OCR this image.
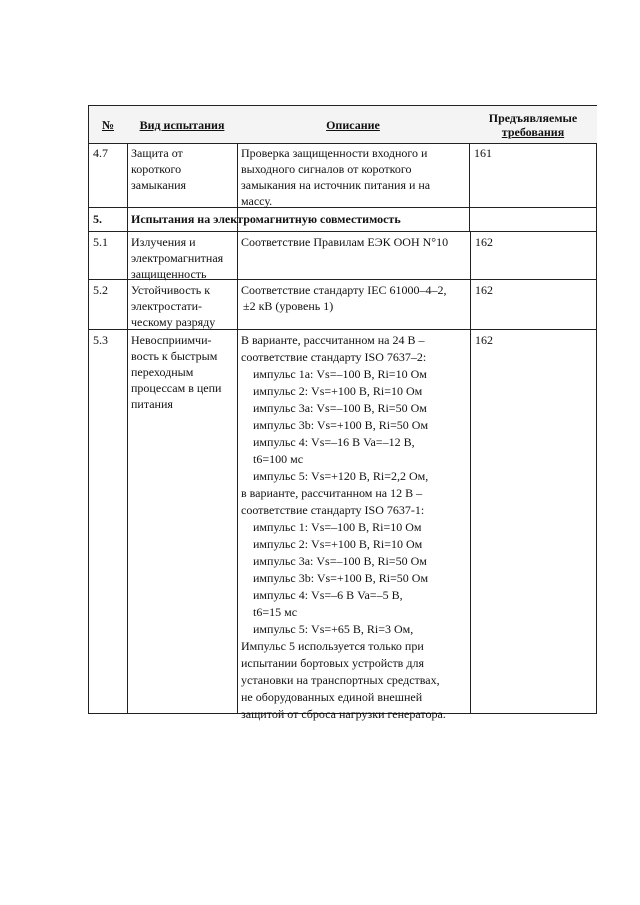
№ Вид испытания	Описание	Предъявляемые
требования
4.7 Защита от
короткого
замыкания
Проверка защищенности входного и
выходного сигналов от короткого
замыкания на источник питания и на
массу.
161
5. Испытания на электромагнитную совместимость
5.1 Излучения и
электромагнитная
защищенность
Соответствие Правилам ЕЭК ООН N°10 162
5.2 Устойчивость к
электростати-
ческому разряду
Соответствие стандарту IEC 61000–4–2,
±2 кВ (уровень 1)
162
5.3 Невосприимчи-
вость к быстрым
переходным
процессам в цепи
питания
В варианте, рассчитанном на 24 В –
соответствие стандарту ISO 7637–2:
импульс 1а: Vs=–100 В, Ri=10 Ом
импульс 2: Vs=+100 В, Ri=10 Ом
импульс 3а: Vs=–100 В, Ri=50 Ом
импульс 3b: Vs=+100 В, Ri=50 Ом
импульс 4: Vs=–16 В Va=–12 В,
t6=100 мс
импульс 5: Vs=+120 В, Ri=2,2 Ом,
в варианте, рассчитанном на 12 В –
соответствие стандарту ISO 7637-1:
импульс 1: Vs=–100 В, Ri=10 Ом
импульс 2: Vs=+100 В, Ri=10 Ом
импульс 3а: Vs=–100 В, Ri=50 Ом
импульс 3b: Vs=+100 В, Ri=50 Ом
импульс 4: Vs=–6 В Va=–5 В,
t6=15 мс
импульс 5: Vs=+65 В, Ri=3 Ом,
Импульс 5 используется только при
испытании бортовых устройств для
установки на транспортных средствах,
не оборудованных единой внешней
защитой от сброса нагрузки генератора.
162
